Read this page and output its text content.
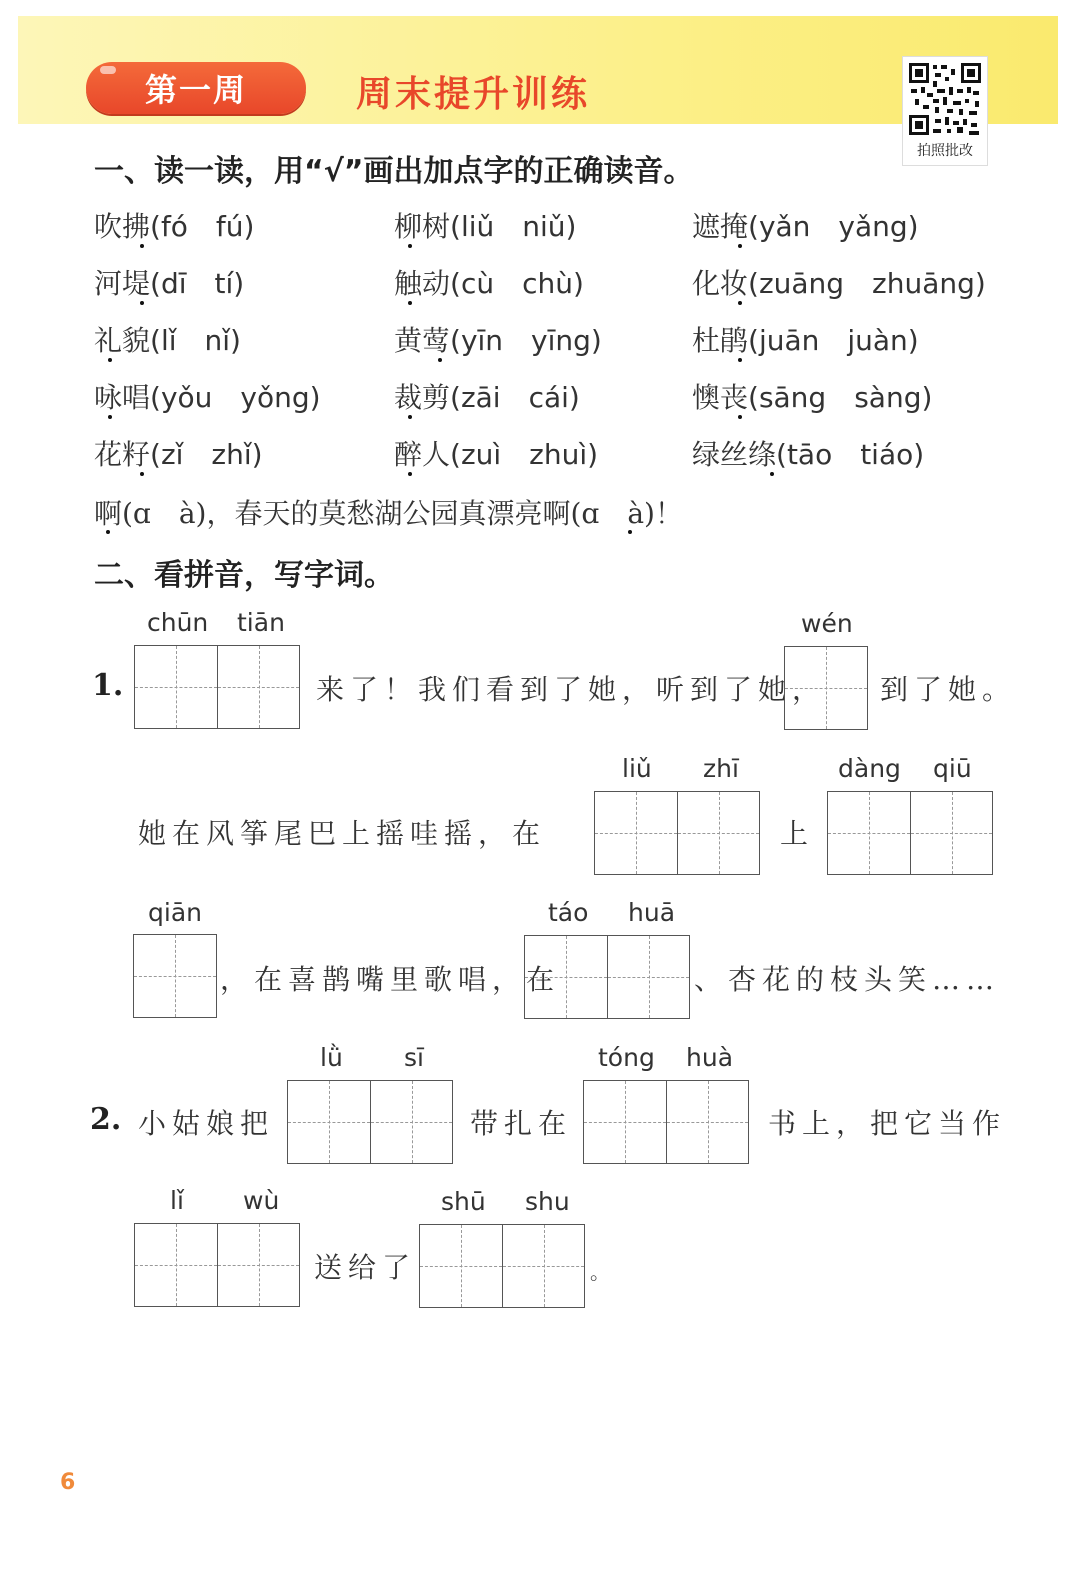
第一周	周末提升训练
拍照批改
一、读一读，用“√”画出加点字的正确读音。
吹拂(fó　fú)	柳树(liǔ　niǔ)	遮掩(yǎn　yǎng)
河堤(dī　tí)	触动(cù　chù)	化妆(zuāng　zhuāng)
礼貌(lǐ　nǐ)	黄莺(yīn　yīng)	杜鹃(juān　juàn)
咏唱(yǒu　yǒng)	裁剪(zāi　cái)	懊丧(sāng　sàng)
花籽(zǐ　zhǐ)	醉人(zuì　zhuì)	绿丝绦(tāo　tiáo)
啊(ɑ　à)，春天的莫愁湖公园真漂亮啊(ɑ　à)！
二、看拼音，写字词。
1.
chūn tiān
来了！我们看到了她，听到了她，
wén
到了她。
她在风筝尾巴上摇哇摇，在
liǔ zhī
上
dàng qiū
qiān
，在喜鹊嘴里歌唱，在
táo huā
、杏花的枝头笑……
2. 小姑娘把
lǜ sī
带扎在
tóng huà
书上，把它当作
lǐ wù
送给了
shū shu
。
6
